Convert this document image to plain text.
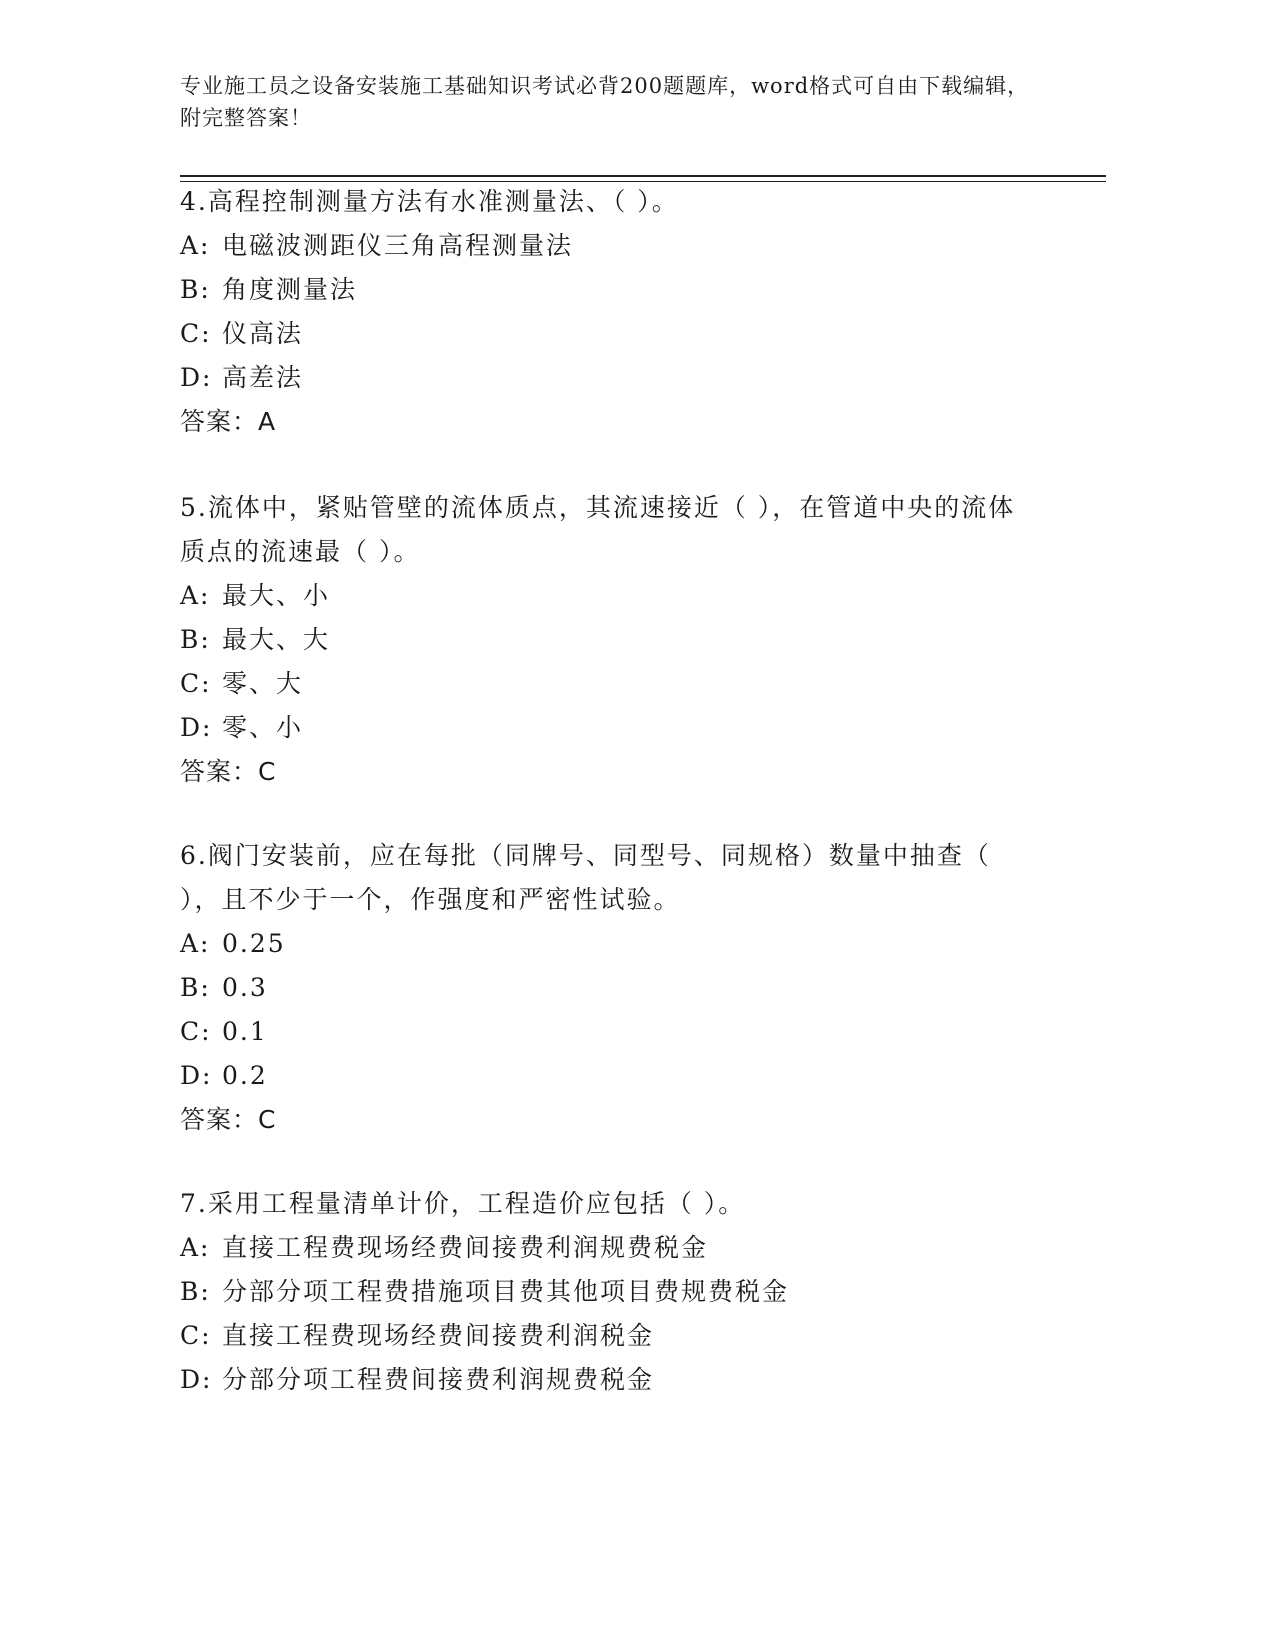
专业施工员之设备安装施工基础知识考试必背200题题库，word格式可自由下载编辑，附完整答案！

4.高程控制测量方法有水准测量法、（ ）。

A: 电磁波测距仪三角高程测量法

B: 角度测量法

C: 仪高法

D: 高差法

答案：A

5.流体中，紧贴管壁的流体质点，其流速接近（ ），在管道中央的流体质点的流速最（ ）。

A: 最大、小

B: 最大、大

C: 零、大

D: 零、小

答案：C

6.阀门安装前，应在每批（同牌号、同型号、同规格）数量中抽查（ ），且不少于一个，作强度和严密性试验。

A: 0.25

B: 0.3

C: 0.1

D: 0.2

答案：C

7.采用工程量清单计价，工程造价应包括（ ）。

A: 直接工程费现场经费间接费利润规费税金

B: 分部分项工程费措施项目费其他项目费规费税金

C: 直接工程费现场经费间接费利润税金

D: 分部分项工程费间接费利润规费税金
